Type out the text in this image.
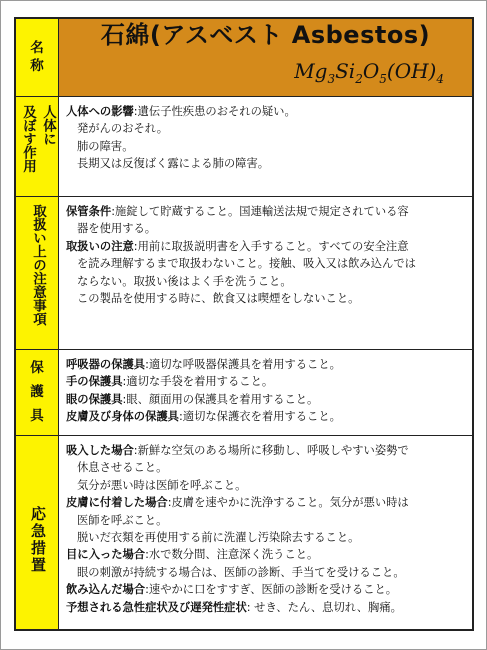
名
称
石綿(アスベスト Asbestos)
$Mg_3Si_2O_5(OH)_4$
人体に
及ぼす作用	人体への影響:遺伝子性疾患のおそれの疑い。
発がんのおそれ。
肺の障害。
長期又は反復ばく露による肺の障害。
取扱い上の注意事項 保管条件:施錠して貯蔵すること。国連輸送法規で規定されている容
器を使用する。
取扱いの注意:用前に取扱説明書を入手すること。すべての安全注意
を読み理解するまで取扱わないこと。接触、吸入又は飲み込んでは
ならない。取扱い後はよく手を洗うこと。
この製品を使用する時に、飲食又は喫煙をしないこと。
保
護
具
呼吸器の保護具:適切な呼吸器保護具を着用すること。
手の保護具:適切な手袋を着用すること。
眼の保護具:眼、顔面用の保護具を着用すること。
皮膚及び身体の保護具:適切な保護衣を着用すること。
応急措置
吸入した場合:新鮮な空気のある場所に移動し、呼吸しやすい姿勢で
休息させること。
気分が悪い時は医師を呼ぶこと。
皮膚に付着した場合:皮膚を速やかに洗浄すること。気分が悪い時は
医師を呼ぶこと。
脱いだ衣類を再使用する前に洗濯し汚染除去すること。
目に入った場合:水で数分間、注意深く洗うこと。
眼の刺激が持続する場合は、医師の診断、手当てを受けること。
飲み込んだ場合:速やかに口をすすぎ、医師の診断を受けること。
予想される急性症状及び遅発性症状: せき、たん、息切れ、胸痛。
